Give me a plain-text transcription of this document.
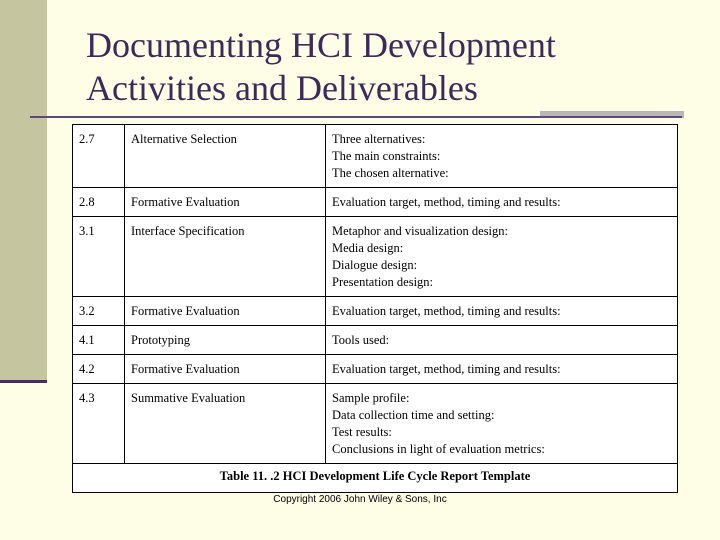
Documenting HCI Development
Activities and Deliverables
2.7	Alternative Selection	Three alternatives:
The main constraints:
The chosen alternative:

2.8	Formative Evaluation	Evaluation target, method, timing and results:

3.1	Interface Specification	Metaphor and visualization design:
Media design:
Dialogue design:
Presentation design:

3.2	Formative Evaluation	Evaluation target, method, timing and results:

4.1	Prototyping	Tools used:

4.2	Formative Evaluation	Evaluation target, method, timing and results:

4.3	Summative Evaluation	Sample profile:
Data collection time and setting:
Test results:
Conclusions in light of evaluation metrics:
Table 11. .2 HCI Development Life Cycle Report Template
Copyright 2006 John Wiley & Sons, Inc
